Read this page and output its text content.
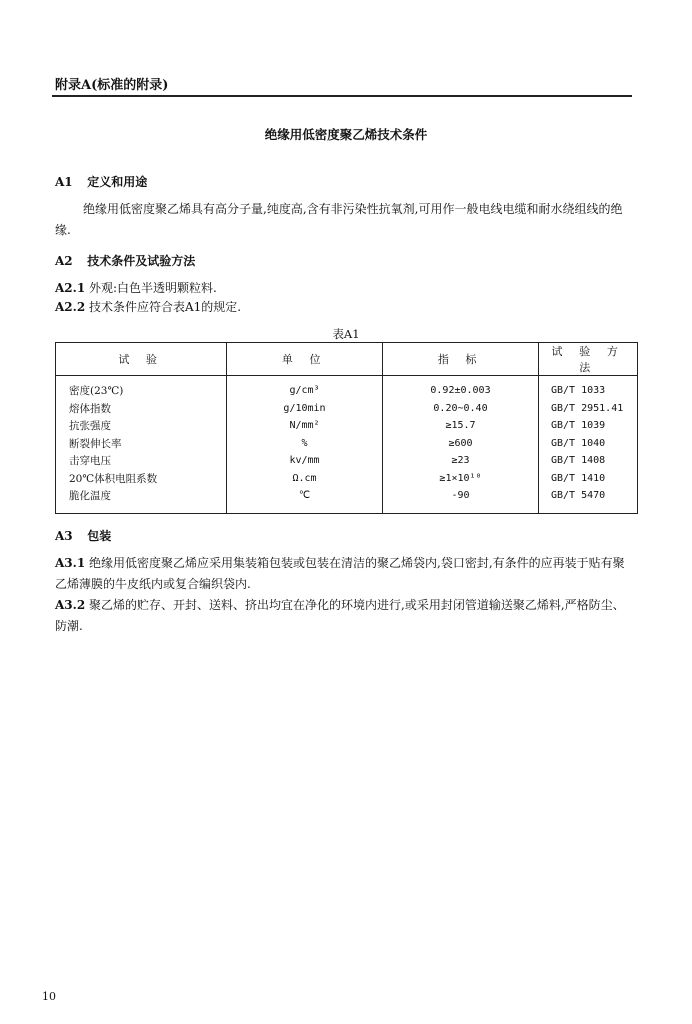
附录A(标准的附录)
绝缘用低密度聚乙烯技术条件
A1 定义和用途
绝缘用低密度聚乙烯具有高分子量,纯度高,含有非污染性抗氧剂,可用作一般电线电缆和耐水绕组线的绝缘.
A2 技术条件及试验方法
A2.1 外观:白色半透明颗粒料.
A2.2 技术条件应符合表A1的规定.
表A1
试 验	单 位	指 标	试 验 方 法
密度(23℃)	g/cm³	0.92±0.003	GB/T 1033
熔体指数	g/10min	0.20~0.40	GB/T 2951.41
抗张强度	N/mm²	≥15.7	GB/T 1039
断裂伸长率	%	≥600	GB/T 1040
击穿电压	kv/mm	≥23	GB/T 1408
20℃体积电阻系数	Ω.cm	≥1×10¹⁰	GB/T 1410
脆化温度	℃	-90	GB/T 5470
A3 包装
A3.1 绝缘用低密度聚乙烯应采用集装箱包装或包装在清洁的聚乙烯袋内,袋口密封,有条件的应再装于贴有聚乙烯薄膜的牛皮纸内或复合编织袋内.
A3.2 聚乙烯的贮存、开封、送料、挤出均宜在净化的环境内进行,或采用封闭管道输送聚乙烯料,严格防尘、防潮.
10
